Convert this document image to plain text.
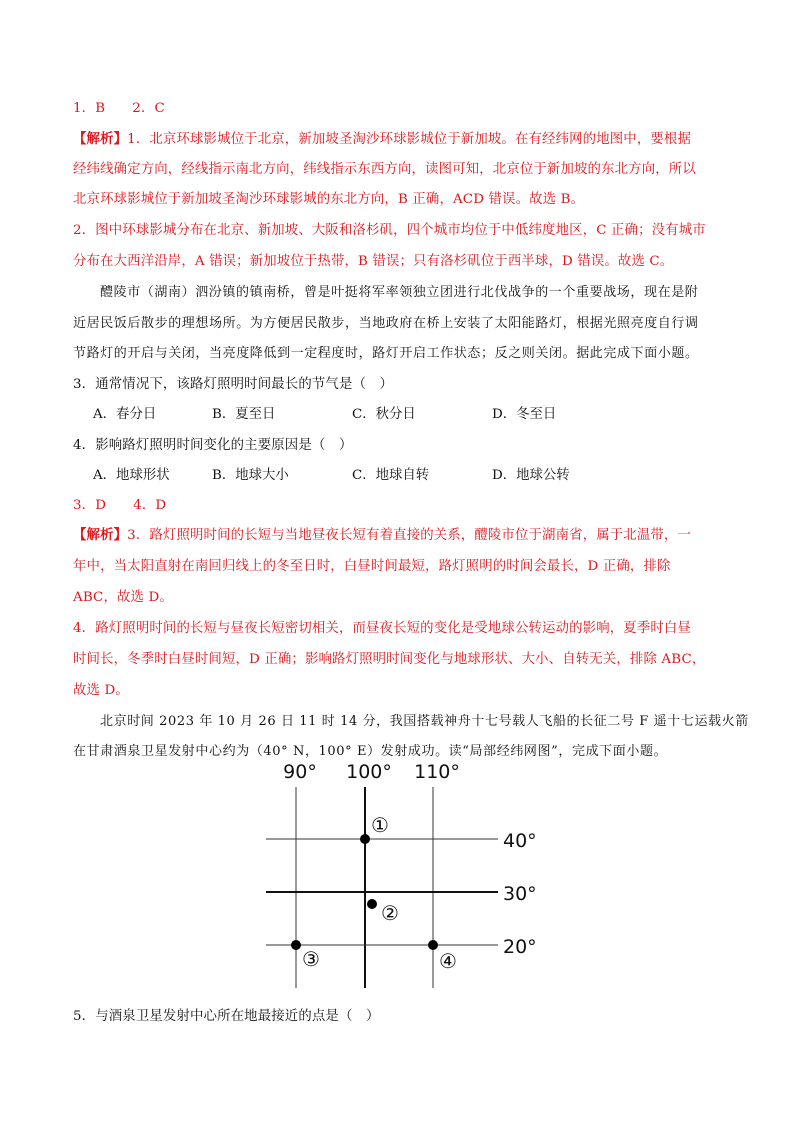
1．B　　2．C
【解析】1．北京环球影城位于北京，新加坡圣淘沙环球影城位于新加坡。在有经纬网的地图中，要根据
经纬线确定方向，经线指示南北方向，纬线指示东西方向，读图可知，北京位于新加坡的东北方向，所以
北京环球影城位于新加坡圣淘沙环球影城的东北方向，B 正确，ACD 错误。故选 B。
2．图中环球影城分布在北京、新加坡、大阪和洛杉矶，四个城市均位于中低纬度地区，C 正确；没有城市
分布在大西洋沿岸，A 错误；新加坡位于热带，B 错误；只有洛杉矶位于西半球，D 错误。故选 C。
醴陵市（湖南）泗汾镇的镇南桥，曾是叶挺将军率领独立团进行北伐战争的一个重要战场，现在是附
近居民饭后散步的理想场所。为方便居民散步，当地政府在桥上安装了太阳能路灯，根据光照亮度自行调
节路灯的开启与关闭，当亮度降低到一定程度时，路灯开启工作状态；反之则关闭。据此完成下面小题。
3．通常情况下，该路灯照明时间最长的节气是（　）
A．春分日	B．夏至日	C．秋分日	D．冬至日
4．影响路灯照明时间变化的主要原因是（　）
A．地球形状	B．地球大小	C．地球自转	D．地球公转
3．D　　4．D
【解析】3．路灯照明时间的长短与当地昼夜长短有着直接的关系，醴陵市位于湖南省，属于北温带，一
年中，当太阳直射在南回归线上的冬至日时，白昼时间最短，路灯照明的时间会最长，D 正确，排除
ABC，故选 D。
4．路灯照明时间的长短与昼夜长短密切相关，而昼夜长短的变化是受地球公转运动的影响，夏季时白昼
时间长，冬季时白昼时间短，D 正确；影响路灯照明时间变化与地球形状、大小、自转无关，排除 ABC，
故选 D。
北京时间 2023 年 10 月 26 日 11 时 14 分，我国搭载神舟十七号载人飞船的长征二号 F 遥十七运载火箭
在甘肃酒泉卫星发射中心约为（40° N，100° E）发射成功。读“局部经纬网图”，完成下面小题。
90° 100° 110°
40°
30°
20°
①
②
③	④
5．与酒泉卫星发射中心所在地最接近的点是（　）
